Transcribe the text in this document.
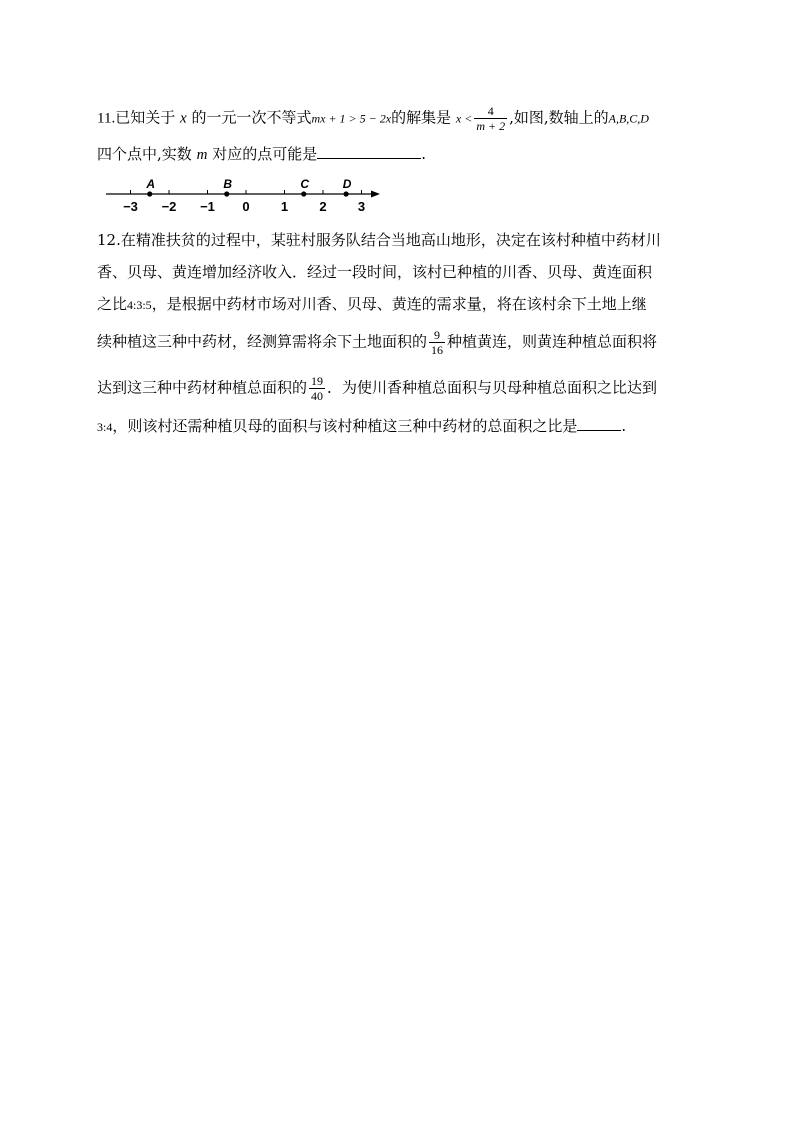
11.已知关于 x 的一元一次不等式mx + 1 > 5 − 2x的解集是 $x < \frac{4}{m + 2}$ ,如图,数轴上的A,B,C,D
四个点中,实数 m 对应的点可能是	.
−3 −2 −1 0 1 2 3
A	B	C	D
12.在精准扶贫的过程中，某驻村服务队结合当地高山地形，决定在该村种植中药材川
香、贝母、黄连增加经济收入．经过一段时间，该村已种植的川香、贝母、黄连面积
之比4:3:5，是根据中药材市场对川香、贝母、黄连的需求量，将在该村余下土地上继
续种植这三种中药材，经测算需将余下土地面积的 $\frac{9}{16}$ 种植黄连，则黄连种植总面积将
达到这三种中药材种植总面积的 $\frac{19}{40}$ ．为使川香种植总面积与贝母种植总面积之比达到
3:4，则该村还需种植贝母的面积与该村种植这三种中药材的总面积之比是	.
